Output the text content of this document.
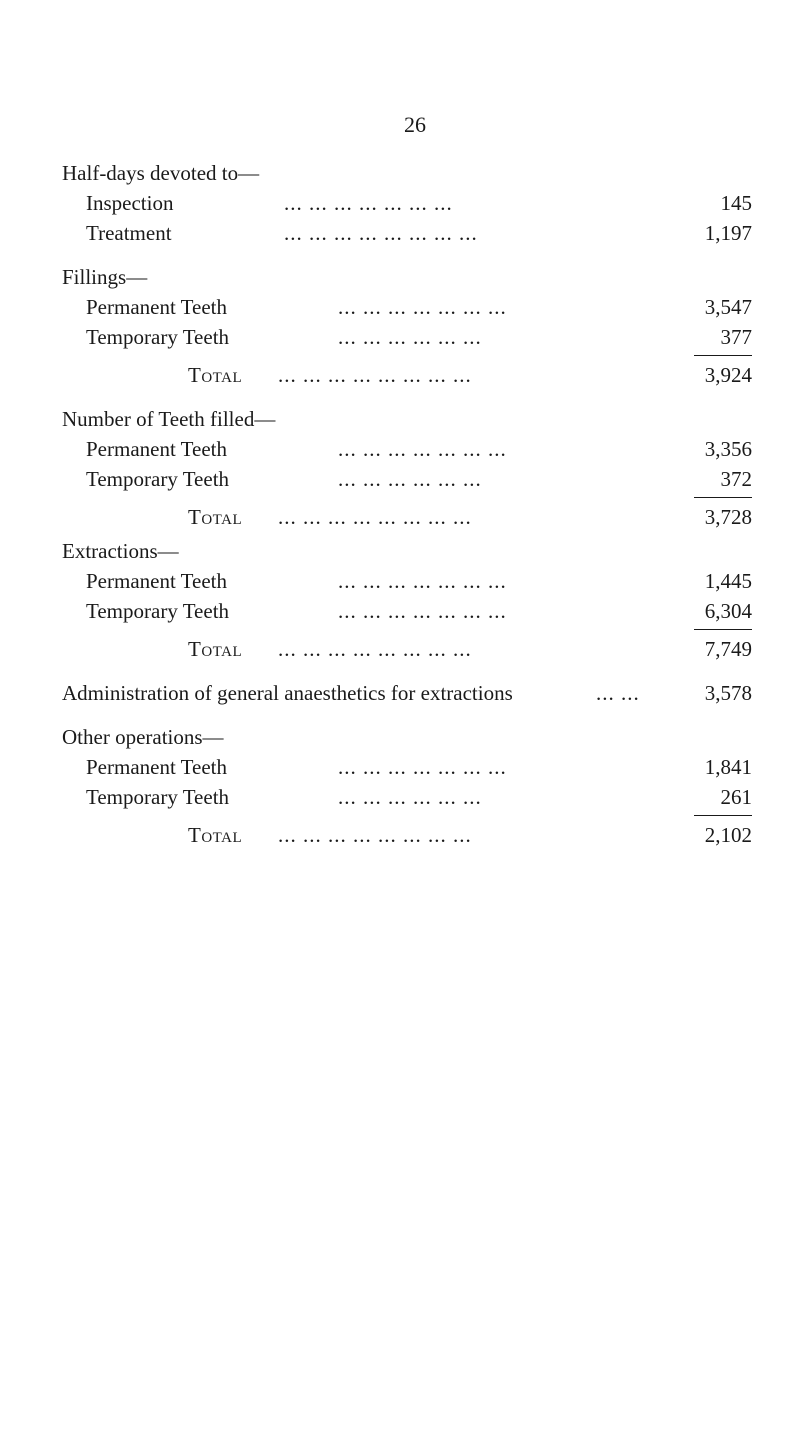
26
Half-days devoted to—
Inspection	... ... ... ... ... ... ...	145
Treatment	... ... ... ... ... ... ... ...	1,197
Fillings—
Permanent Teeth	... ... ... ... ... ... ...	3,547
Temporary Teeth	... ... ... ... ... ...	377
Total ... ... ... ... ... ... ... ...	3,924
Number of Teeth filled—
Permanent Teeth	... ... ... ... ... ... ...	3,356
Temporary Teeth	... ... ... ... ... ...	372
Total ... ... ... ... ... ... ... ...	3,728
Extractions—
Permanent Teeth	... ... ... ... ... ... ...	1,445
Temporary Teeth	... ... ... ... ... ... ...	6,304
Total ... ... ... ... ... ... ... ...	7,749
Administration of general anaesthetics for extractions	... ...	3,578
Other operations—
Permanent Teeth	... ... ... ... ... ... ...	1,841
Temporary Teeth	... ... ... ... ... ...	261
Total ... ... ... ... ... ... ... ...	2,102
